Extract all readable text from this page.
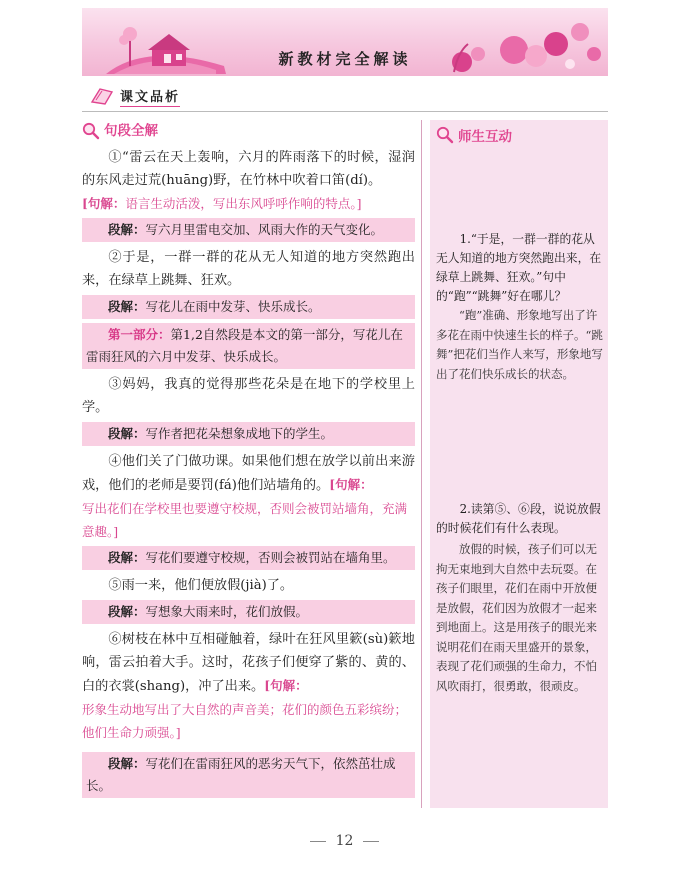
新教材完全解读
课文品析
句段全解

①“雷云在天上轰响，六月的阵雨落下的时候，湿润的东风走过荒(huāng)野，在竹林中吹着口笛(dí)。

[句解：语言生动活泼，写出东风呼呼作响的特点。]

段解：写六月里雷电交加、风雨大作的天气变化。

②于是，一群一群的花从无人知道的地方突然跑出来，在绿草上跳舞、狂欢。

段解：写花儿在雨中发芽、快乐成长。
第一部分：第1,2自然段是本文的第一部分，写花儿在雷雨狂风的六月中发芽、快乐成长。

③妈妈，我真的觉得那些花朵是在地下的学校里上学。

段解：写作者把花朵想象成地下的学生。

④他们关了门做功课。如果他们想在放学以前出来游戏，他们的老师是要罚(fá)他们站墙角的。[句解：

写出花们在学校里也要遵守校规，否则会被罚站墙角，充满意趣。]

段解：写花们要遵守校规，否则会被罚站在墙角里。

⑤雨一来，他们便放假(jià)了。

段解：写想象大雨来时，花们放假。

⑥树枝在林中互相碰触着，绿叶在狂风里簌(sù)簌地响，雷云拍着大手。这时，花孩子们便穿了紫的、黄的、白的衣裳(shang)，冲了出来。[句解：

形象生动地写出了大自然的声音美；花们的颜色五彩缤纷；他们生命力顽强。]

段解：写花们在雷雨狂风的恶劣天气下，依然茁壮成长。
师生互动

1.“于是，一群一群的花从无人知道的地方突然跑出来，在绿草上跳舞、狂欢。”句中的“跑”“跳舞”好在哪儿？

“跑”准确、形象地写出了许多花在雨中快速生长的样子。“跳舞”把花们当作人来写，形象地写出了花们快乐成长的状态。

2.读第⑤、⑥段，说说放假的时候花们有什么表现。

放假的时候，孩子们可以无拘无束地到大自然中去玩耍。在孩子们眼里，花们在雨中开放便是放假，花们因为放假才一起来到地面上。这是用孩子的眼光来说明花们在雨天里盛开的景象，表现了花们顽强的生命力，不怕风吹雨打，很勇敢，很顽皮。

12
